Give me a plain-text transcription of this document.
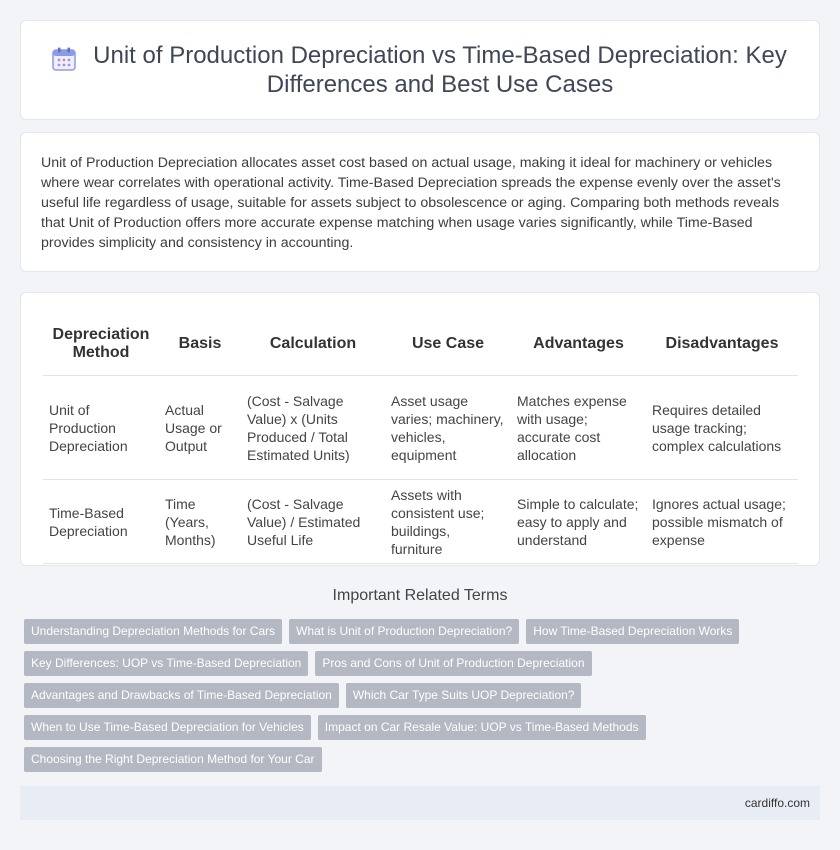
Unit of Production Depreciation vs Time-Based Depreciation: Key Differences and Best Use Cases

Unit of Production Depreciation allocates asset cost based on actual usage, making it ideal for machinery or vehicles where wear correlates with operational activity. Time-Based Depreciation spreads the expense evenly over the asset's useful life regardless of usage, suitable for assets subject to obsolescence or aging. Comparing both methods reveals that Unit of Production offers more accurate expense matching when usage varies significantly, while Time-Based provides simplicity and consistency in accounting.

Depreciation Method	Basis	Calculation	Use Case	Advantages	Disadvantages
Unit of Production Depreciation	Actual Usage or Output	(Cost - Salvage Value) x (Units Produced / Total Estimated Units)	Asset usage varies; machinery, vehicles, equipment	Matches expense with usage; accurate cost allocation	Requires detailed usage tracking; complex calculations
Time-Based Depreciation	Time (Years, Months)	(Cost - Salvage Value) / Estimated Useful Life	Assets with consistent use; buildings, furniture	Simple to calculate; easy to apply and understand	Ignores actual usage; possible mismatch of expense
Important Related Terms
Understanding Depreciation Methods for Cars	What is Unit of Production Depreciation?	How Time-Based Depreciation Works
Key Differences: UOP vs Time-Based Depreciation	Pros and Cons of Unit of Production Depreciation
Advantages and Drawbacks of Time-Based Depreciation	Which Car Type Suits UOP Depreciation?
When to Use Time-Based Depreciation for Vehicles	Impact on Car Resale Value: UOP vs Time-Based Methods
Choosing the Right Depreciation Method for Your Car
cardiffo.com
